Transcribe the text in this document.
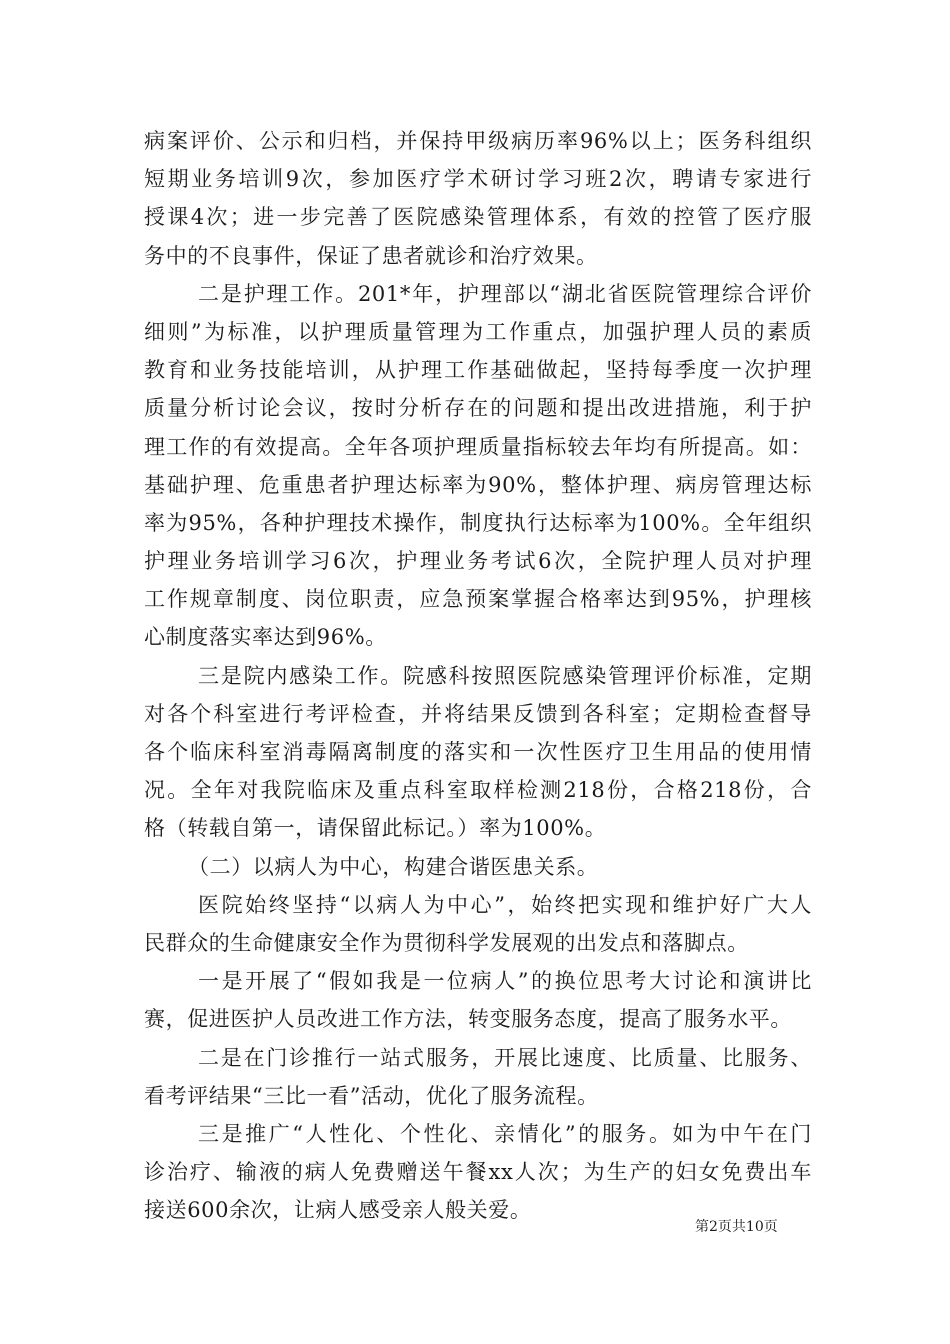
病案评价、公示和归档，并保持甲级病历率96%以上；医务科组织
短期业务培训9次，参加医疗学术研讨学习班2次，聘请专家进行
授课4次；进一步完善了医院感染管理体系，有效的控管了医疗服
务中的不良事件，保证了患者就诊和治疗效果。
二是护理工作。201*年，护理部以“湖北省医院管理综合评价
细则”为标准，以护理质量管理为工作重点，加强护理人员的素质
教育和业务技能培训，从护理工作基础做起，坚持每季度一次护理
质量分析讨论会议，按时分析存在的问题和提出改进措施，利于护
理工作的有效提高。全年各项护理质量指标较去年均有所提高。如：
基础护理、危重患者护理达标率为90%，整体护理、病房管理达标
率为95%，各种护理技术操作，制度执行达标率为100%。全年组织
护理业务培训学习6次，护理业务考试6次，全院护理人员对护理
工作规章制度、岗位职责，应急预案掌握合格率达到95%，护理核
心制度落实率达到96%。
三是院内感染工作。院感科按照医院感染管理评价标准，定期
对各个科室进行考评检查，并将结果反馈到各科室；定期检查督导
各个临床科室消毒隔离制度的落实和一次性医疗卫生用品的使用情
况。全年对我院临床及重点科室取样检测218份，合格218份，合
格（转载自第一，请保留此标记。）率为100%。
（二）以病人为中心，构建合谐医患关系。
医院始终坚持“以病人为中心”，始终把实现和维护好广大人
民群众的生命健康安全作为贯彻科学发展观的出发点和落脚点。
一是开展了“假如我是一位病人”的换位思考大讨论和演讲比
赛，促进医护人员改进工作方法，转变服务态度，提高了服务水平。
二是在门诊推行一站式服务，开展比速度、比质量、比服务、
看考评结果“三比一看”活动，优化了服务流程。
三是推广“人性化、个性化、亲情化”的服务。如为中午在门
诊治疗、输液的病人免费赠送午餐xx人次；为生产的妇女免费出车
接送600余次，让病人感受亲人般关爱。
第2页共10页
